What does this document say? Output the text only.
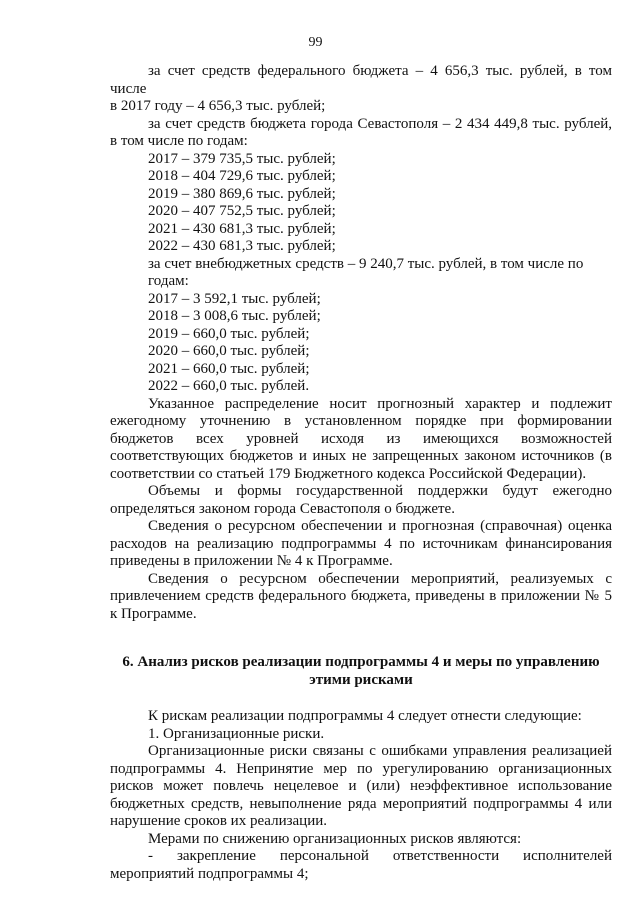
99

за счет средств федерального бюджета – 4 656,3 тыс. рублей, в том числе

в 2017 году – 4 656,3 тыс. рублей;

за счет средств бюджета города Севастополя – 2 434 449,8 тыс. рублей,

в том числе по годам:

2017 – 379 735,5 тыс. рублей;

2018 – 404 729,6 тыс. рублей;

2019 – 380 869,6 тыс. рублей;

2020 – 407 752,5 тыс. рублей;

2021 – 430 681,3 тыс. рублей;

2022 – 430 681,3 тыс. рублей;

за счет внебюджетных средств – 9 240,7 тыс. рублей, в том числе по годам:

2017 – 3 592,1 тыс. рублей;

2018 – 3 008,6 тыс. рублей;

2019 – 660,0 тыс. рублей;

2020 – 660,0 тыс. рублей;

2021 – 660,0 тыс. рублей;

2022 – 660,0 тыс. рублей.

Указанное распределение носит прогнозный характер и подлежит ежегодному уточнению в установленном порядке при формировании бюджетов всех уровней исходя из имеющихся возможностей соответствующих бюджетов и иных не запрещенных законом источников (в соответствии со статьей 179 Бюджетного кодекса Российской Федерации).

Объемы и формы государственной поддержки будут ежегодно определяться законом города Севастополя о бюджете.

Сведения о ресурсном обеспечении и прогнозная (справочная) оценка расходов на реализацию подпрограммы 4 по источникам финансирования приведены в приложении № 4 к Программе.

Сведения о ресурсном обеспечении мероприятий, реализуемых с привлечением средств федерального бюджета, приведены в приложении № 5 к Программе.

6. Анализ рисков реализации подпрограммы 4 и меры по управлению
этими рисками

К рискам реализации подпрограммы 4 следует отнести следующие:

1. Организационные риски.

Организационные риски связаны с ошибками управления реализацией подпрограммы 4. Непринятие мер по урегулированию организационных рисков может повлечь нецелевое и (или) неэффективное использование бюджетных средств, невыполнение ряда мероприятий подпрограммы 4 или нарушение сроков их реализации.

Мерами по снижению организационных рисков являются:

- закрепление персональной ответственности исполнителей мероприятий подпрограммы 4;
